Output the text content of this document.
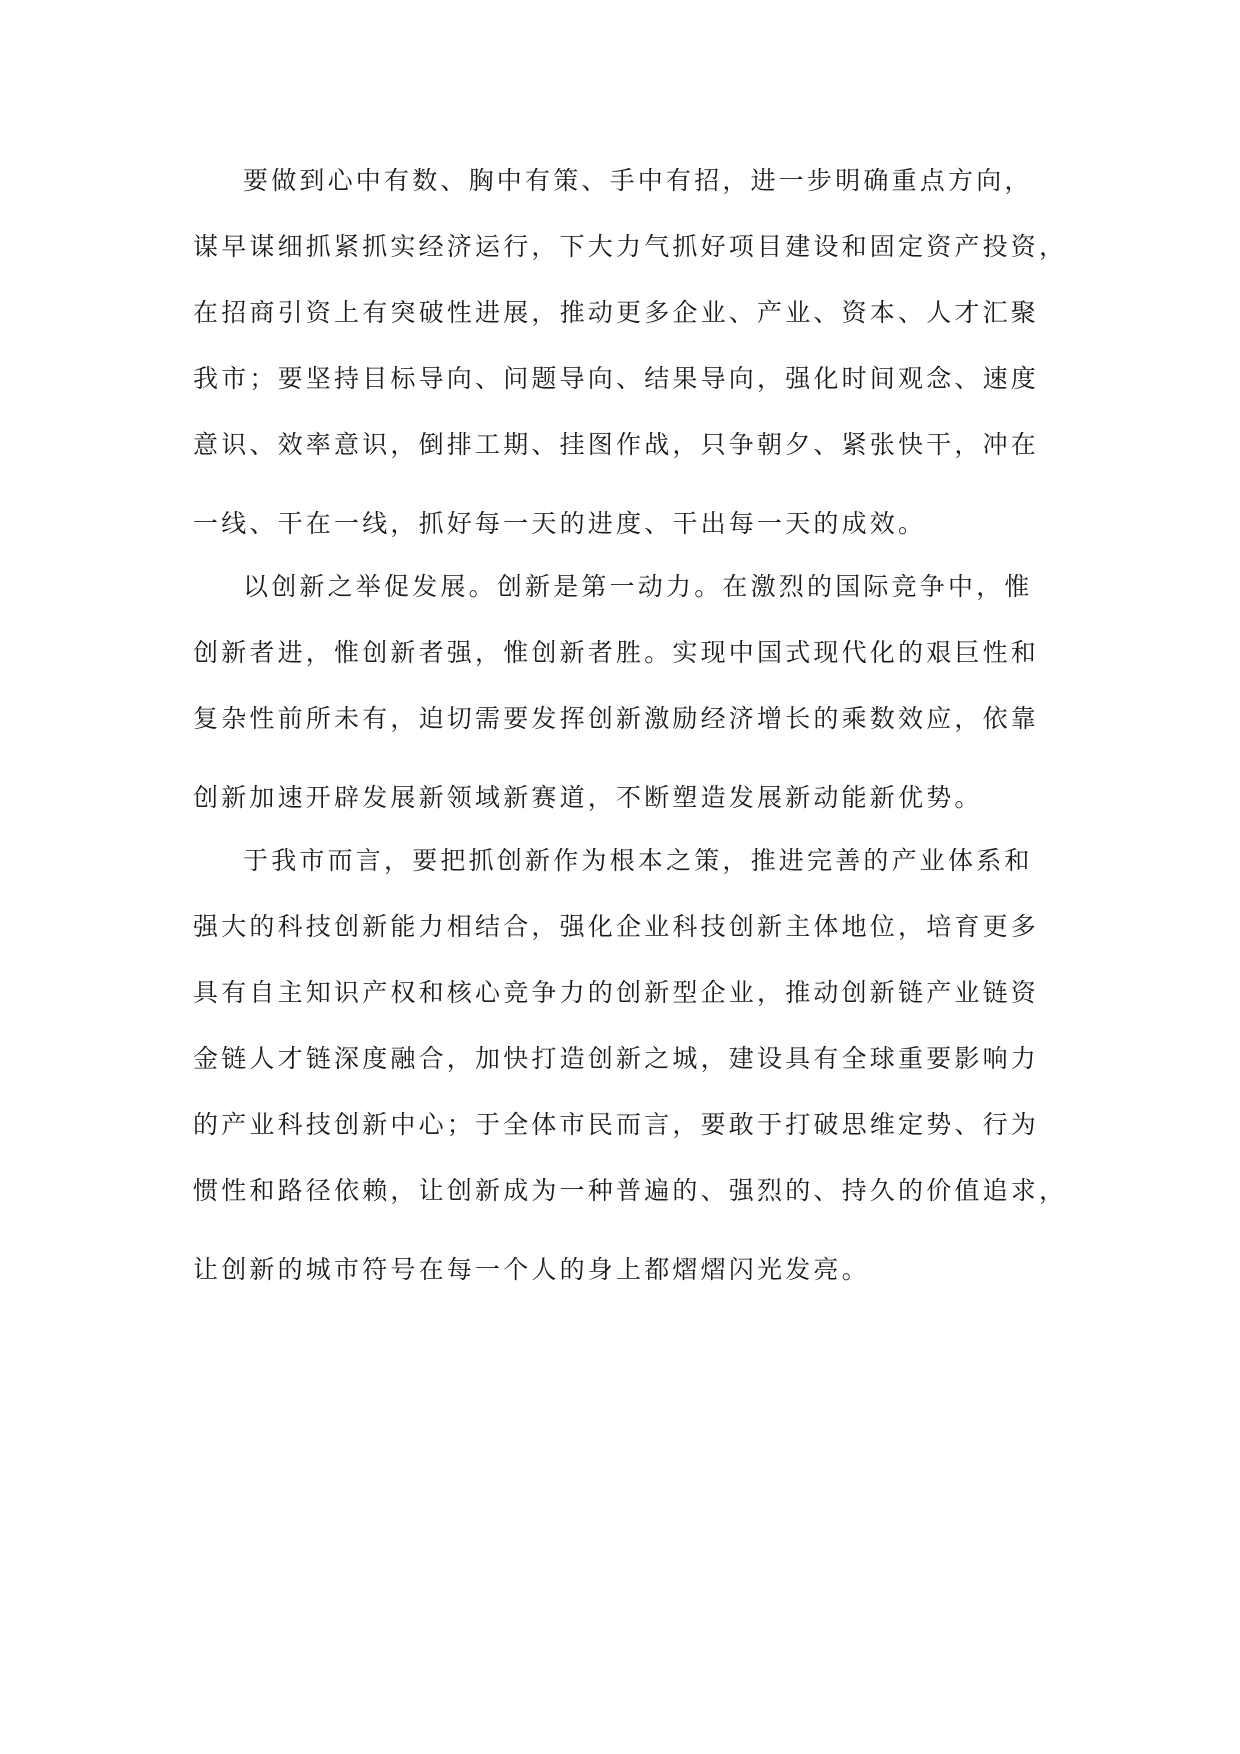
要做到心中有数、胸中有策、手中有招，进一步明确重点方向，
谋早谋细抓紧抓实经济运行，下大力气抓好项目建设和固定资产投资，
在招商引资上有突破性进展，推动更多企业、产业、资本、人才汇聚
我市；要坚持目标导向、问题导向、结果导向，强化时间观念、速度
意识、效率意识，倒排工期、挂图作战，只争朝夕、紧张快干，冲在
一线、干在一线，抓好每一天的进度、干出每一天的成效。
以创新之举促发展。创新是第一动力。在激烈的国际竞争中，惟
创新者进，惟创新者强，惟创新者胜。实现中国式现代化的艰巨性和
复杂性前所未有，迫切需要发挥创新激励经济增长的乘数效应，依靠
创新加速开辟发展新领域新赛道，不断塑造发展新动能新优势。
于我市而言，要把抓创新作为根本之策，推进完善的产业体系和
强大的科技创新能力相结合，强化企业科技创新主体地位，培育更多
具有自主知识产权和核心竞争力的创新型企业，推动创新链产业链资
金链人才链深度融合，加快打造创新之城，建设具有全球重要影响力
的产业科技创新中心；于全体市民而言，要敢于打破思维定势、行为
惯性和路径依赖，让创新成为一种普遍的、强烈的、持久的价值追求，
让创新的城市符号在每一个人的身上都熠熠闪光发亮。
